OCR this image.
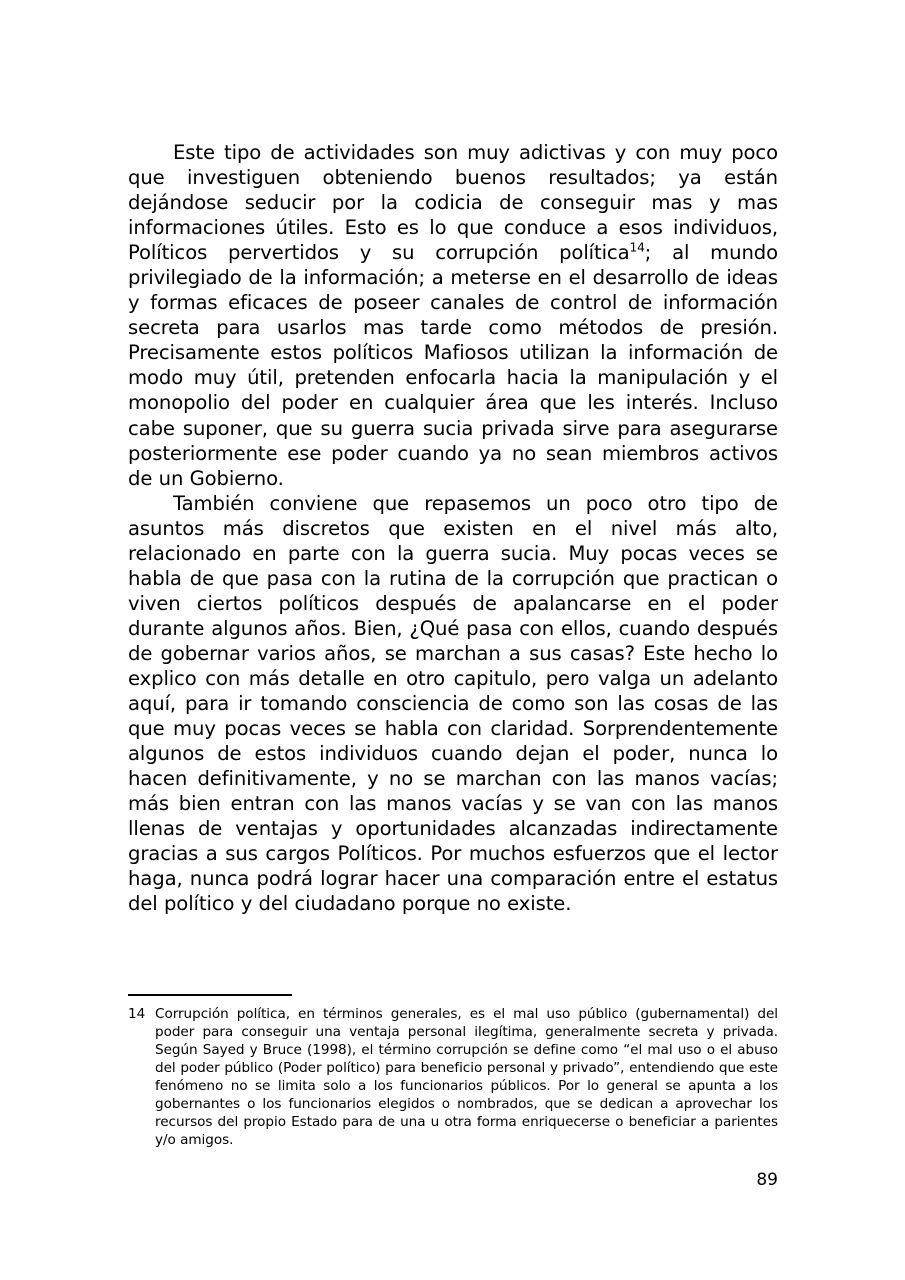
Este tipo de actividades son muy adictivas y con muy poco que investiguen obteniendo buenos resultados; ya están dejándose seducir por la codicia de conseguir mas y mas informaciones útiles. Esto es lo que conduce a esos individuos, Políticos pervertidos y su corrupción política$^{14}$; al mundo privilegiado de la información; a meterse en el desarrollo de ideas y formas eficaces de poseer canales de control de información secreta para usarlos mas tarde como métodos de presión. Precisamente estos políticos Mafiosos utilizan la información de modo muy útil, pretenden enfocarla hacia la manipulación y el monopolio del poder en cualquier área que les interés. Incluso cabe suponer, que su guerra sucia privada sirve para asegurarse posteriormente ese poder cuando ya no sean miembros activos de un Gobierno.

También conviene que repasemos un poco otro tipo de asuntos más discretos que existen en el nivel más alto, relacionado en parte con la guerra sucia. Muy pocas veces se habla de que pasa con la rutina de la corrupción que practican o viven ciertos políticos después de apalancarse en el poder durante algunos años. Bien, ¿Qué pasa con ellos, cuando después de gobernar varios años, se marchan a sus casas? Este hecho lo explico con más detalle en otro capitulo, pero valga un adelanto aquí, para ir tomando consciencia de como son las cosas de las que muy pocas veces se habla con claridad. Sorprendentemente algunos de estos individuos cuando dejan el poder, nunca lo hacen definitivamente, y no se marchan con las manos vacías; más bien entran con las manos vacías y se van con las manos llenas de ventajas y oportunidades alcanzadas indirectamente gracias a sus cargos Políticos. Por muchos esfuerzos que el lector haga, nunca podrá lograr hacer una comparación entre el estatus del político y del ciudadano porque no existe.

14 Corrupción política, en términos generales, es el mal uso público (gubernamental) del poder para conseguir una ventaja personal ilegítima, generalmente secreta y privada. Según Sayed y Bruce (1998), el término corrupción se define como “el mal uso o el abuso del poder público (Poder político) para beneficio personal y privado”, entendiendo que este fenómeno no se limita solo a los funcionarios públicos. Por lo general se apunta a los gobernantes o los funcionarios elegidos o nombrados, que se dedican a aprovechar los recursos del propio Estado para de una u otra forma enriquecerse o beneficiar a parientes y/o amigos.
89
